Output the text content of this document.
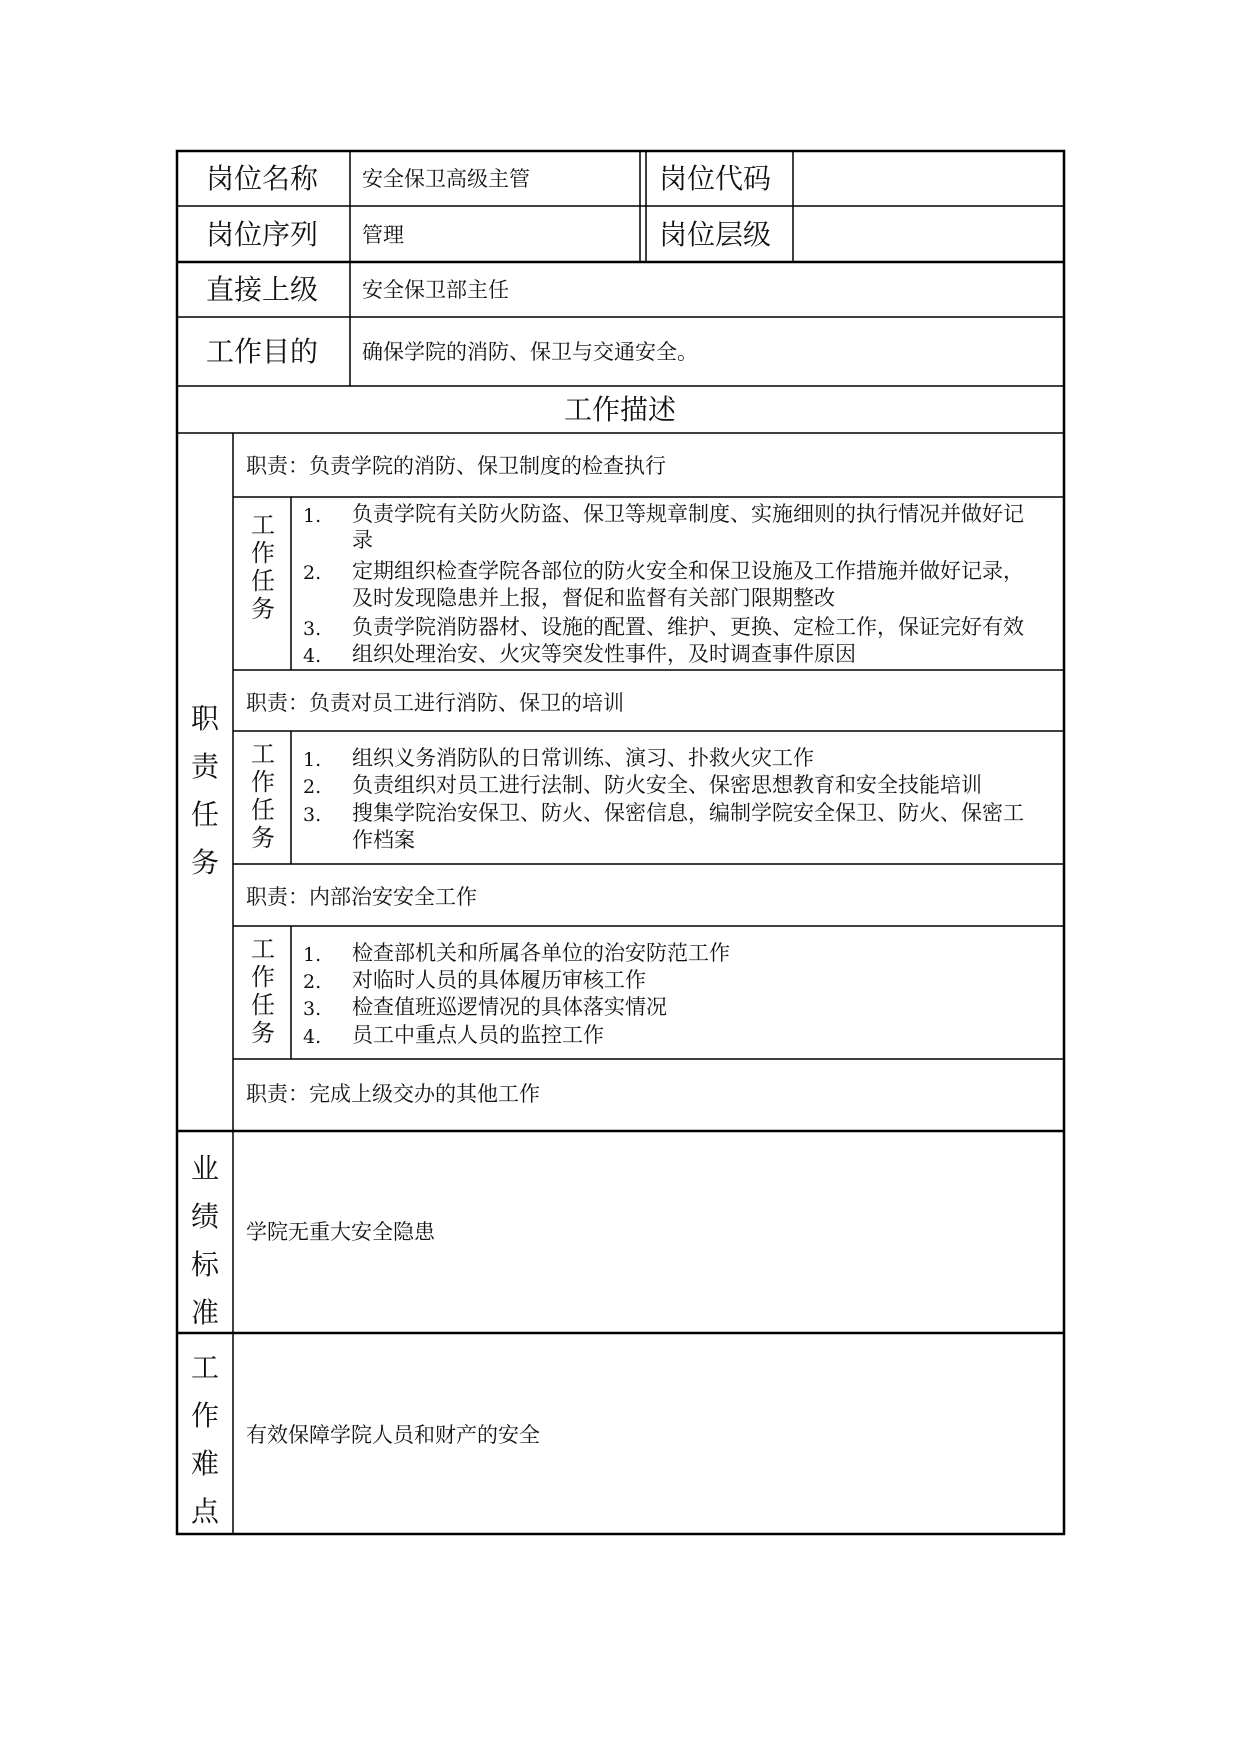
岗位名称 安全保卫高级主管	岗位代码
岗位序列 管理	岗位层级
直接上级 安全保卫部主任
工作目的 确保学院的消防、保卫与交通安全。
工作描述
职责任务
职责：负责学院的消防、保卫制度的检查执行
工作任务
1. 负责学院有关防火防盗、保卫等规章制度、实施细则的执行情况并做好记
录
2. 定期组织检查学院各部位的防火安全和保卫设施及工作措施并做好记录，
及时发现隐患并上报，督促和监督有关部门限期整改
3. 负责学院消防器材、设施的配置、维护、更换、定检工作，保证完好有效
4. 组织处理治安、火灾等突发性事件，及时调查事件原因
职责：负责对员工进行消防、保卫的培训
工作任务
1. 组织义务消防队的日常训练、演习、扑救火灾工作
2. 负责组织对员工进行法制、防火安全、保密思想教育和安全技能培训
3. 搜集学院治安保卫、防火、保密信息，编制学院安全保卫、防火、保密工
作档案
职责：内部治安安全工作
工作任务
1. 检查部机关和所属各单位的治安防范工作
2. 对临时人员的具体履历审核工作
3. 检查值班巡逻情况的具体落实情况
4. 员工中重点人员的监控工作
职责：完成上级交办的其他工作
业绩标准
学院无重大安全隐患
工作难点
有效保障学院人员和财产的安全
